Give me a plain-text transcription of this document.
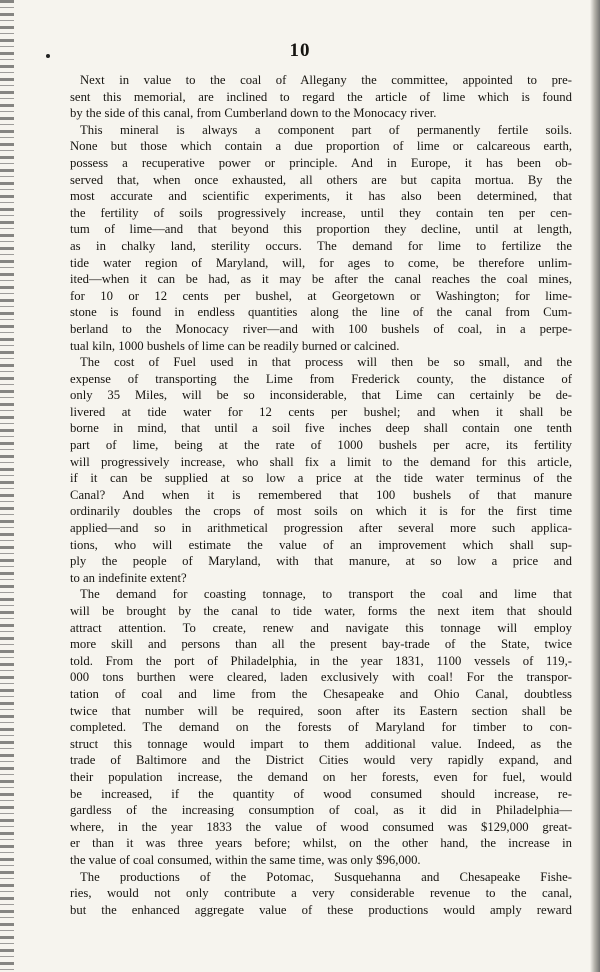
10

Next in value to the coal of Allegany the committee, appointed to pre-
sent this memorial, are inclined to regard the article of lime which is found
by the side of this canal, from Cumberland down to the Monocacy river.

This mineral is always a component part of permanently fertile soils.
None but those which contain a due proportion of lime or calcareous earth,
possess a recuperative power or principle. And in Europe, it has been ob-
served that, when once exhausted, all others are but capita mortua. By the
most accurate and scientific experiments, it has also been determined, that
the fertility of soils progressively increase, until they contain ten per cen-
tum of lime—and that beyond this proportion they decline, until at length,
as in chalky land, sterility occurs. The demand for lime to fertilize the
tide water region of Maryland, will, for ages to come, be therefore unlim-
ited—when it can be had, as it may be after the canal reaches the coal mines,
for 10 or 12 cents per bushel, at Georgetown or Washington; for lime-
stone is found in endless quantities along the line of the canal from Cum-
berland to the Monocacy river—and with 100 bushels of coal, in a perpe-
tual kiln, 1000 bushels of lime can be readily burned or calcined.

The cost of Fuel used in that process will then be so small, and the
expense of transporting the Lime from Frederick county, the distance of
only 35 Miles, will be so inconsiderable, that Lime can certainly be de-
livered at tide water for 12 cents per bushel; and when it shall be
borne in mind, that until a soil five inches deep shall contain one tenth
part of lime, being at the rate of 1000 bushels per acre, its fertility
will progressively increase, who shall fix a limit to the demand for this article,
if it can be supplied at so low a price at the tide water terminus of the
Canal? And when it is remembered that 100 bushels of that manure
ordinarily doubles the crops of most soils on which it is for the first time
applied—and so in arithmetical progression after several more such applica-
tions, who will estimate the value of an improvement which shall sup-
ply the people of Maryland, with that manure, at so low a price and
to an indefinite extent?

The demand for coasting tonnage, to transport the coal and lime that
will be brought by the canal to tide water, forms the next item that should
attract attention. To create, renew and navigate this tonnage will employ
more skill and persons than all the present bay-trade of the State, twice
told. From the port of Philadelphia, in the year 1831, 1100 vessels of 119,-
000 tons burthen were cleared, laden exclusively with coal! For the transpor-
tation of coal and lime from the Chesapeake and Ohio Canal, doubtless
twice that number will be required, soon after its Eastern section shall be
completed. The demand on the forests of Maryland for timber to con-
struct this tonnage would impart to them additional value. Indeed, as the
trade of Baltimore and the District Cities would very rapidly expand, and
their population increase, the demand on her forests, even for fuel, would
be increased, if the quantity of wood consumed should increase, re-
gardless of the increasing consumption of coal, as it did in Philadelphia—
where, in the year 1833 the value of wood consumed was $129,000 great-
er than it was three years before; whilst, on the other hand, the increase in
the value of coal consumed, within the same time, was only $96,000.

The productions of the Potomac, Susquehanna and Chesapeake Fishe-
ries, would not only contribute a very considerable revenue to the canal,
but the enhanced aggregate value of these productions would amply reward
